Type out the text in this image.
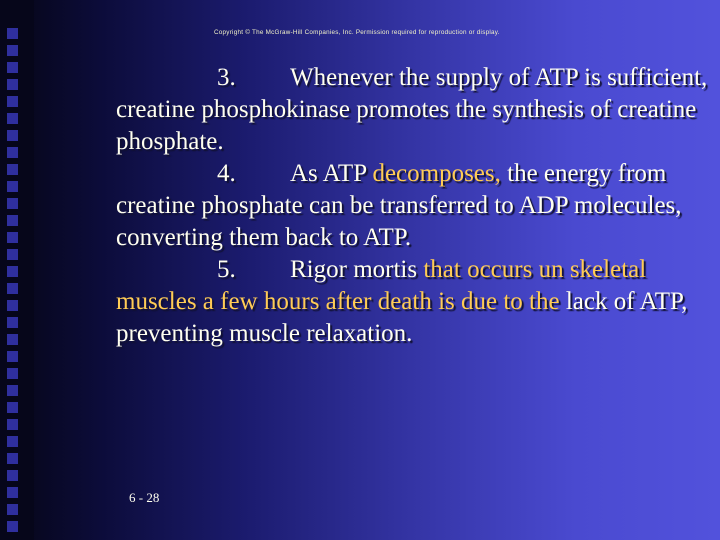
Copyright © The McGraw-Hill Companies, Inc. Permission required for reproduction or display.

3. Whenever the supply of ATP is sufficient, creatine phosphokinase promotes the synthesis of creatine phosphate.

4. As ATP decomposes, the energy from creatine phosphate can be transferred to ADP molecules, converting them back to ATP.

5. Rigor mortis that occurs un skeletal muscles a few hours after death is due to the lack of ATP, preventing muscle relaxation.

6 - 28
